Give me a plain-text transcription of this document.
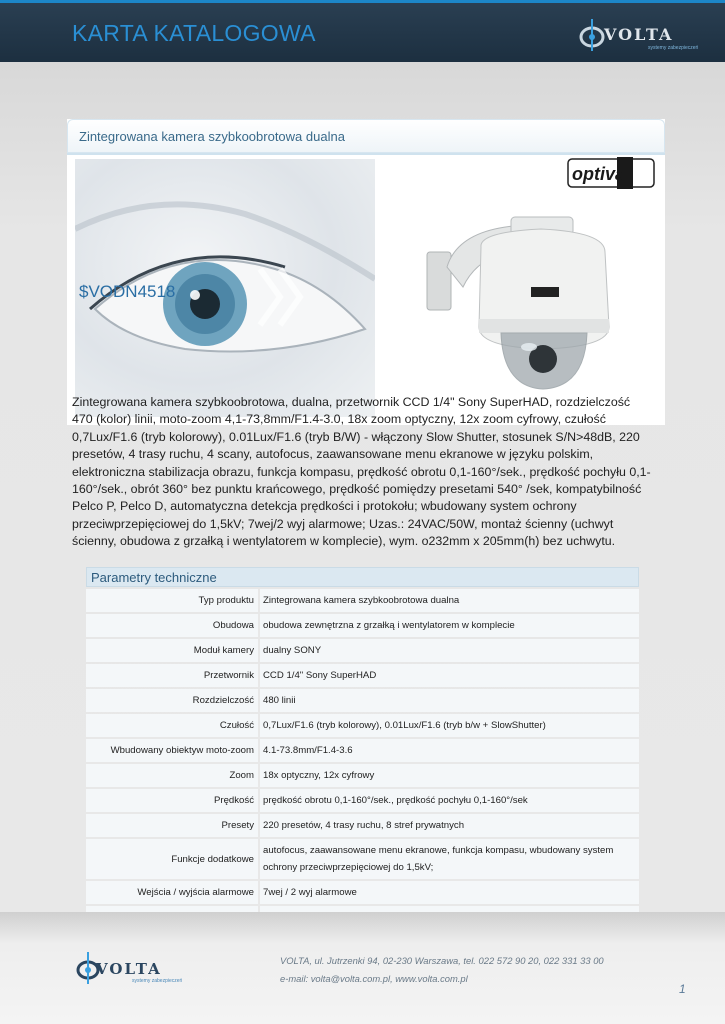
KARTA KATALOGOWA	VOLTA
systemy zabezpieczeń
Zintegrowana kamera szybkoobrotowa dualna
$VODN4518
optiva
Zintegrowana kamera szybkoobrotowa, dualna, przetwornik CCD 1/4" Sony SuperHAD, rozdzielczość 470 (kolor) linii, moto-zoom 4,1-73,8mm/F1.4-3.0, 18x zoom optyczny, 12x zoom cyfrowy, czułość 0,7Lux/F1.6 (tryb kolorowy), 0.01Lux/F1.6 (tryb B/W) - włączony Slow Shutter, stosunek S/N>48dB, 220 presetów, 4 trasy ruchu, 4 scany, autofocus, zaawansowane menu ekranowe w języku polskim, elektroniczna stabilizacja obrazu, funkcja kompasu, prędkość obrotu 0,1-160°/sek., prędkość pochyłu 0,1-160°/sek., obrót 360° bez punktu krańcowego, prędkość pomiędzy presetami 540° /sek, kompatybilność Pelco P, Pelco D, automatyczna detekcja prędkości i protokołu; wbudowany system ochrony przeciwprzepięciowej do 1,5kV; 7wej/2 wyj alarmowe; Uzas.: 24VAC/50W, montaż ścienny (uchwyt ścienny, obudowa z grzałką i wentylatorem w komplecie), wym. o232mm x 205mm(h) bez uchwytu.
Parametry techniczne
Typ produktu	Zintegrowana kamera szybkoobrotowa dualna
Obudowa	obudowa zewnętrzna z grzałką i wentylatorem w komplecie
Moduł kamery	dualny SONY
Przetwornik	CCD 1/4" Sony SuperHAD
Rozdzielczość	480 linii
Czułość	0,7Lux/F1.6 (tryb kolorowy), 0.01Lux/F1.6 (tryb b/w + SlowShutter)
Wbudowany obiektyw moto-zoom	4.1-73.8mm/F1.4-3.6
Zoom	18x optyczny, 12x cyfrowy
Prędkość	prędkość obrotu 0,1-160°/sek., prędkość pochyłu 0,1-160°/sek
Presety	220 presetów, 4 trasy ruchu, 8 stref prywatnych
Funkcje dodatkowe	autofocus, zaawansowane menu ekranowe, funkcja kompasu, wbudowany system ochrony przeciwprzepięciowej do 1,5kV;
Wejścia / wyjścia alarmowe	7wej / 2 wyj alarmowe

VOLTA
systemy zabezpieczeń
VOLTA, ul. Jutrzenki 94, 02-230 Warszawa, tel. 022 572 90 20, 022 331 33 00
e-mail: volta@volta.com.pl, www.volta.com.pl
1
